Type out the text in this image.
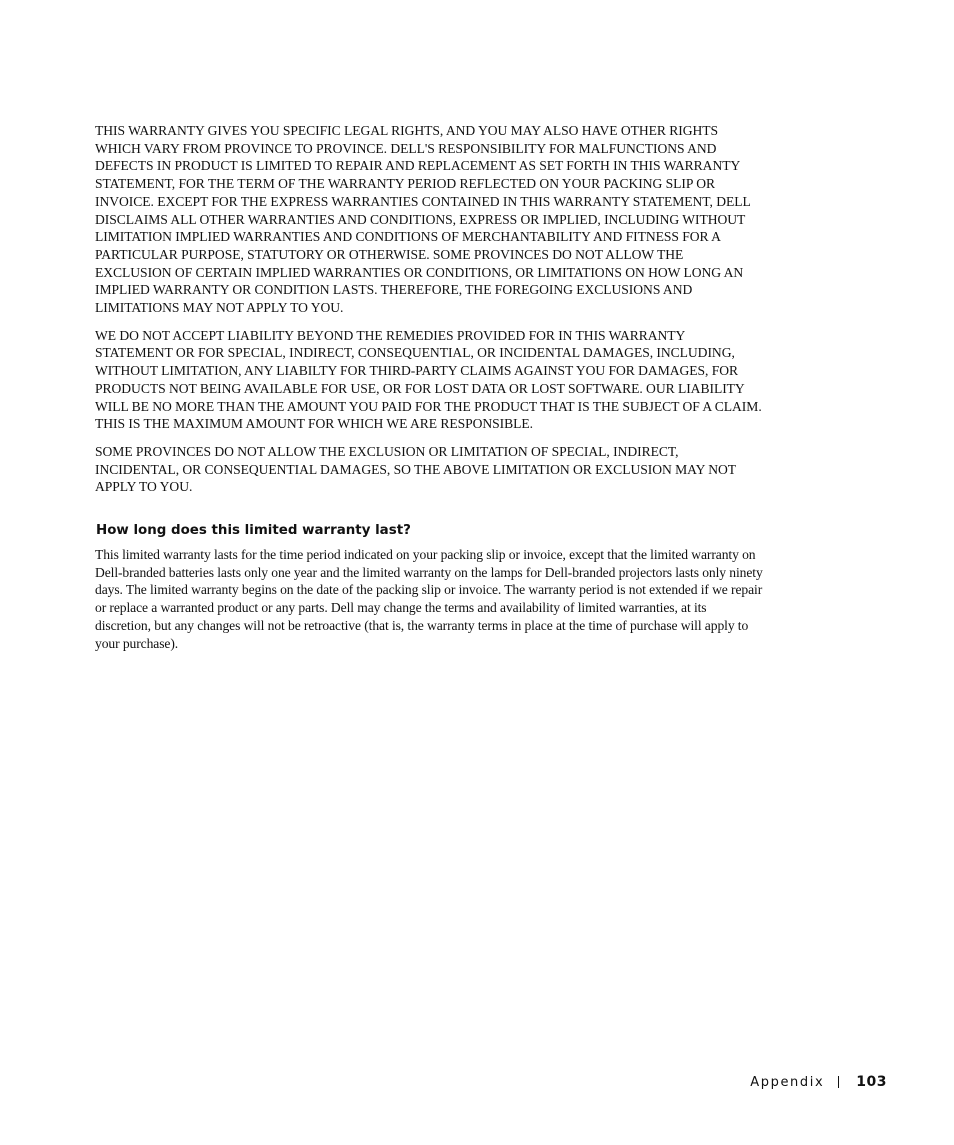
THIS WARRANTY GIVES YOU SPECIFIC LEGAL RIGHTS, AND YOU MAY ALSO HAVE OTHER RIGHTS WHICH VARY FROM PROVINCE TO PROVINCE. DELL'S RESPONSIBILITY FOR MALFUNCTIONS AND DEFECTS IN PRODUCT IS LIMITED TO REPAIR AND REPLACEMENT AS SET FORTH IN THIS WARRANTY STATEMENT, FOR THE TERM OF THE WARRANTY PERIOD REFLECTED ON YOUR PACKING SLIP OR INVOICE. EXCEPT FOR THE EXPRESS WARRANTIES CONTAINED IN THIS WARRANTY STATEMENT, DELL DISCLAIMS ALL OTHER WARRANTIES AND CONDITIONS, EXPRESS OR IMPLIED, INCLUDING WITHOUT LIMITATION IMPLIED WARRANTIES AND CONDITIONS OF MERCHANTABILITY AND FITNESS FOR A PARTICULAR PURPOSE, STATUTORY OR OTHERWISE. SOME PROVINCES DO NOT ALLOW THE EXCLUSION OF CERTAIN IMPLIED WARRANTIES OR CONDITIONS, OR LIMITATIONS ON HOW LONG AN IMPLIED WARRANTY OR CONDITION LASTS. THEREFORE, THE FOREGOING EXCLUSIONS AND LIMITATIONS MAY NOT APPLY TO YOU.

WE DO NOT ACCEPT LIABILITY BEYOND THE REMEDIES PROVIDED FOR IN THIS WARRANTY STATEMENT OR FOR SPECIAL, INDIRECT, CONSEQUENTIAL, OR INCIDENTAL DAMAGES, INCLUDING, WITHOUT LIMITATION, ANY LIABILTY FOR THIRD-PARTY CLAIMS AGAINST YOU FOR DAMAGES, FOR PRODUCTS NOT BEING AVAILABLE FOR USE, OR FOR LOST DATA OR LOST SOFTWARE. OUR LIABILITY WILL BE NO MORE THAN THE AMOUNT YOU PAID FOR THE PRODUCT THAT IS THE SUBJECT OF A CLAIM. THIS IS THE MAXIMUM AMOUNT FOR WHICH WE ARE RESPONSIBLE.

SOME PROVINCES DO NOT ALLOW THE EXCLUSION OR LIMITATION OF SPECIAL, INDIRECT, INCIDENTAL, OR CONSEQUENTIAL DAMAGES, SO THE ABOVE LIMITATION OR EXCLUSION MAY NOT APPLY TO YOU.

How long does this limited warranty last?

This limited warranty lasts for the time period indicated on your packing slip or invoice, except that the limited warranty on Dell-branded batteries lasts only one year and the limited warranty on the lamps for Dell-branded projectors lasts only ninety days. The limited warranty begins on the date of the packing slip or invoice. The warranty period is not extended if we repair or replace a warranted product or any parts. Dell may change the terms and availability of limited warranties, at its discretion, but any changes will not be retroactive (that is, the warranty terms in place at the time of purchase will apply to your purchase).

Appendix 103
